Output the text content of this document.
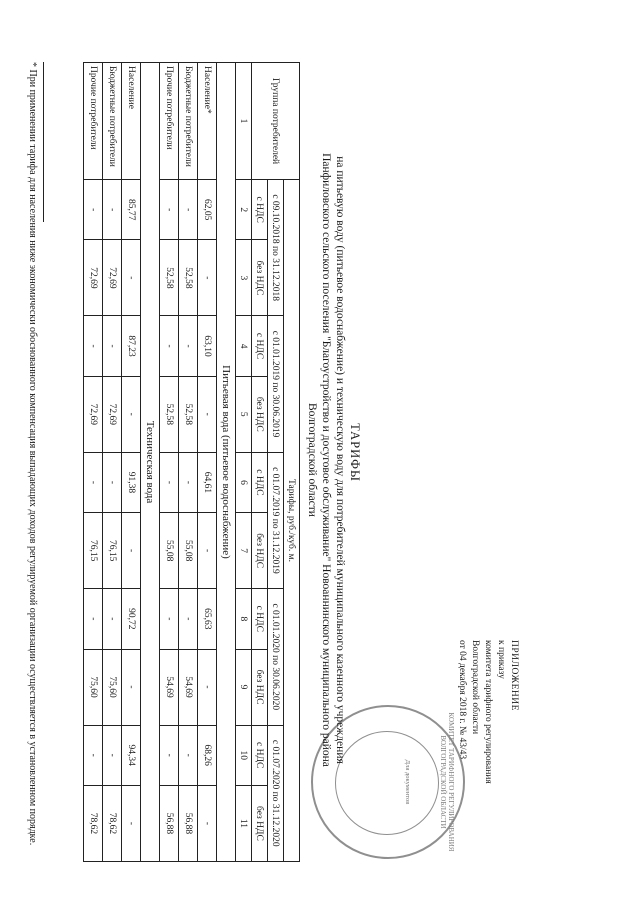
ПРИЛОЖЕНИЕ
к приказу
комитета тарифного регулирования
Волгоградской области
от 04 декабря 2018 г. № 43/43
КОМИТЕТ ТАРИФНОГО РЕГУЛИРОВАНИЯ ВОЛГОГРАДСКОЙ ОБЛАСТИ
Для документов
ТАРИФЫ
на питьевую воду (питьевое водоснабжение) и техническую воду для потребителей муниципального казенного учреждения
Панфиловского сельского поселения "Благоустройство и досуговое обслуживание" Новоаннинского муниципального района
Волгоградской области
Группа потребителей	Тарифы, руб./куб. м.									
	с 09.10.2018 по 31.12.2018		с 01.01.2019 по 30.06.2019		с 01.07.2019 по 31.12.2019		с 01.01.2020 по 30.06.2020		с 01.07.2020 по 31.12.2020	
	с НДС	без НДС	с НДС	без НДС	с НДС	без НДС	с НДС	без НДС	с НДС	без НДС
1	2	3	4	5	6	7	8	9	10	11
Питьевая вода (питьевое водоснабжение)										
Население*	62,05	-	63,10	-	64,61	-	65,63	-	68,26	-
Бюджетные потребители	-	52,58	-	52,58	-	55,08	-	54,69	-	56,88
Прочие потребители	-	52,58	-	52,58	-	55,08	-	54,69	-	56,88
Техническая вода										
Население	85,77	-	87,23	-	91,38	-	90,72	-	94,34	-
Бюджетные потребители	-	72,69	-	72,69	-	76,15	-	75,60	-	78,62
Прочие потребители	-	72,69	-	72,69	-	76,15	-	75,60	-	78,62
* При применении тарифа для населения ниже экономически обоснованного компенсация выпадающих доходов регулируемой организации осуществляется в установленном порядке.
